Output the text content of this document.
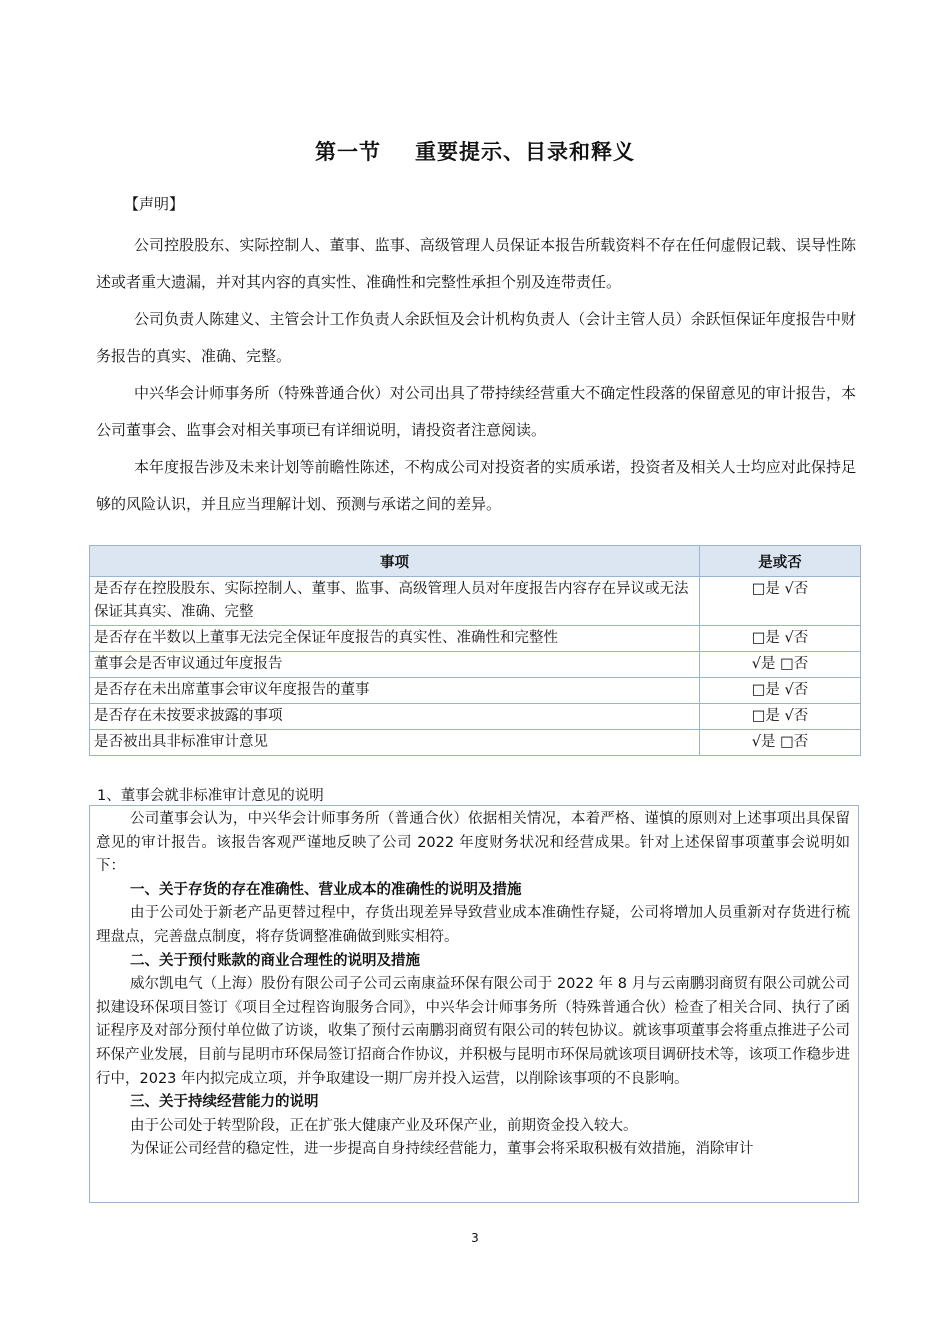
第一节 重要提示、目录和释义

【声明】

公司控股股东、实际控制人、董事、监事、高级管理人员保证本报告所载资料不存在任何虚假记载、误导性陈述或者重大遗漏，并对其内容的真实性、准确性和完整性承担个别及连带责任。

公司负责人陈建义、主管会计工作负责人余跃恒及会计机构负责人（会计主管人员）余跃恒保证年度报告中财务报告的真实、准确、完整。

中兴华会计师事务所（特殊普通合伙）对公司出具了带持续经营重大不确定性段落的保留意见的审计报告，本公司董事会、监事会对相关事项已有详细说明，请投资者注意阅读。

本年度报告涉及未来计划等前瞻性陈述，不构成公司对投资者的实质承诺，投资者及相关人士均应对此保持足够的风险认识，并且应当理解计划、预测与承诺之间的差异。

事项	是或否
是否存在控股股东、实际控制人、董事、监事、高级管理人员对年度报告内容存在异议或无法保证其真实、准确、完整	□是 √否
是否存在半数以上董事无法完全保证年度报告的真实性、准确性和完整性	□是 √否
董事会是否审议通过年度报告	√是 □否
是否存在未出席董事会审议年度报告的董事	□是 √否
是否存在未按要求披露的事项	□是 √否
是否被出具非标准审计意见	√是 □否

1、董事会就非标准审计意见的说明

公司董事会认为，中兴华会计师事务所（普通合伙）依据相关情况，本着严格、谨慎的原则对上述事项出具保留意见的审计报告。该报告客观严谨地反映了公司 2022 年度财务状况和经营成果。针对上述保留事项董事会说明如下：

一、关于存货的存在准确性、营业成本的准确性的说明及措施

由于公司处于新老产品更替过程中，存货出现差异导致营业成本准确性存疑，公司将增加人员重新对存货进行梳理盘点，完善盘点制度，将存货调整准确做到账实相符。

二、关于预付账款的商业合理性的说明及措施

威尔凯电气（上海）股份有限公司子公司云南康益环保有限公司于 2022 年 8 月与云南鹏羽商贸有限公司就公司拟建设环保项目签订《项目全过程咨询服务合同》，中兴华会计师事务所（特殊普通合伙）检查了相关合同、执行了函证程序及对部分预付单位做了访谈，收集了预付云南鹏羽商贸有限公司的转包协议。就该事项董事会将重点推进子公司环保产业发展，目前与昆明市环保局签订招商合作协议，并积极与昆明市环保局就该项目调研技术等，该项工作稳步进行中，2023 年内拟完成立项，并争取建设一期厂房并投入运营，以削除该事项的不良影响。

三、关于持续经营能力的说明

由于公司处于转型阶段，正在扩张大健康产业及环保产业，前期资金投入较大。

为保证公司经营的稳定性，进一步提高自身持续经营能力，董事会将采取积极有效措施，消除审计

3
